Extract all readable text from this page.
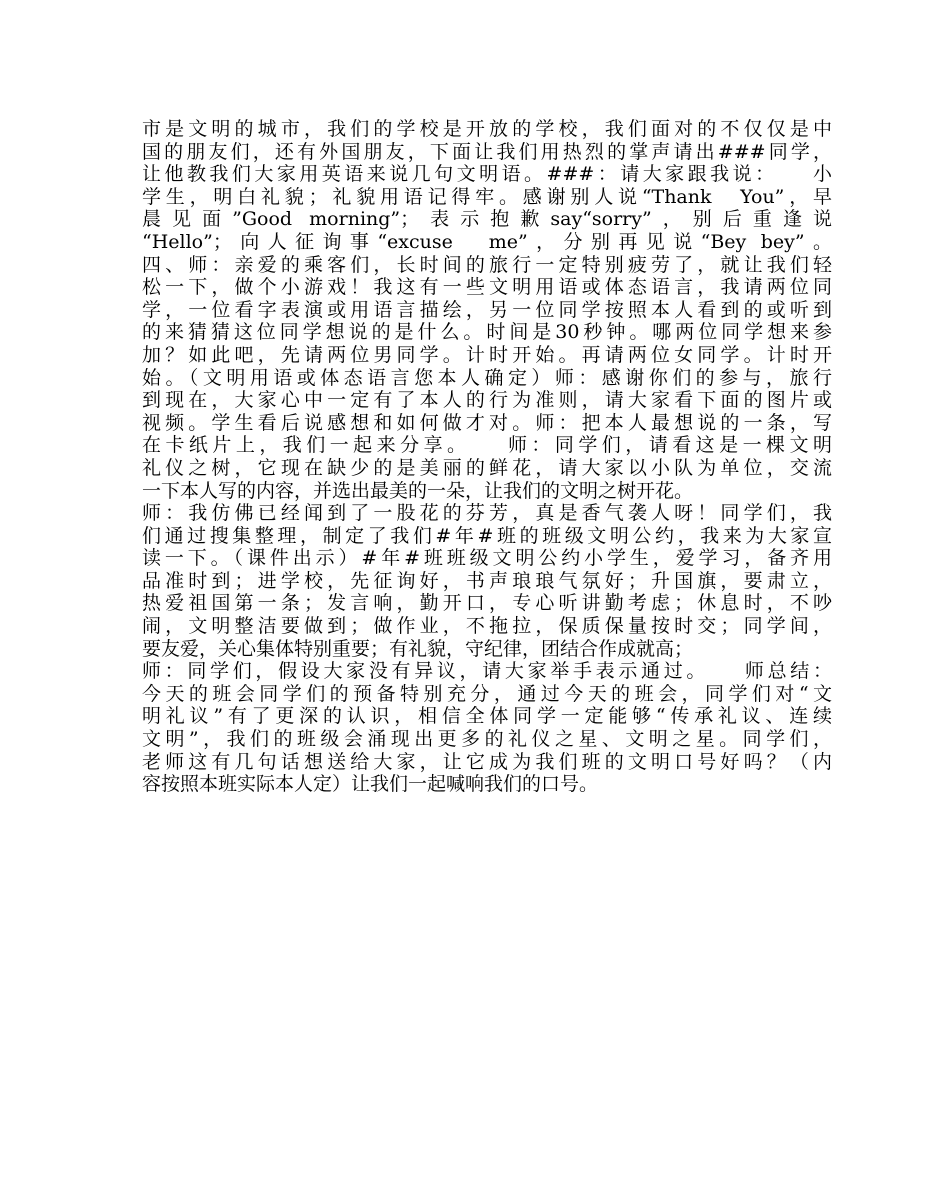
市是文明的城市，我们的学校是开放的学校，我们面对的不仅仅是中
国的朋友们，还有外国朋友，下面让我们用热烈的掌声请出###同学，
让他教我们大家用英语来说几句文明语。###：请大家跟我说：　　小
学生，明白礼貌；礼貌用语记得牢。感谢别人说“Thank　You”，早
晨见面”Good morning”；表示抱歉say“sorry”，别后重逢说
“Hello”；向人征询事“excuse　me”，分别再见说“Bey bey”。
四、师：亲爱的乘客们，长时间的旅行一定特别疲劳了，就让我们轻
松一下，做个小游戏！我这有一些文明用语或体态语言，我请两位同
学，一位看字表演或用语言描绘，另一位同学按照本人看到的或听到
的来猜猜这位同学想说的是什么。时间是30秒钟。哪两位同学想来参
加？如此吧，先请两位男同学。计时开始。再请两位女同学。计时开
始。（文明用语或体态语言您本人确定）师：感谢你们的参与，旅行
到现在，大家心中一定有了本人的行为准则，请大家看下面的图片或
视频。学生看后说感想和如何做才对。师：把本人最想说的一条，写
在卡纸片上，我们一起来分享。　　师：同学们，请看这是一棵文明
礼仪之树，它现在缺少的是美丽的鲜花，请大家以小队为单位，交流
一下本人写的内容，并选出最美的一朵，让我们的文明之树开花。
师：我仿佛已经闻到了一股花的芬芳，真是香气袭人呀！同学们，我
们通过搜集整理，制定了我们#年#班的班级文明公约，我来为大家宣
读一下。（课件出示）#年#班班级文明公约小学生，爱学习，备齐用
品准时到；进学校，先征询好，书声琅琅气氛好；升国旗，要肃立，
热爱祖国第一条；发言响，勤开口，专心听讲勤考虑；休息时，不吵
闹，文明整洁要做到；做作业，不拖拉，保质保量按时交；同学间，
要友爱，关心集体特别重要；有礼貌，守纪律，团结合作成就高；
师：同学们，假设大家没有异议，请大家举手表示通过。　　师总结：
今天的班会同学们的预备特别充分，通过今天的班会，同学们对“文
明礼议”有了更深的认识，相信全体同学一定能够“传承礼议、连续
文明”，我们的班级会涌现出更多的礼仪之星、文明之星。同学们，
老师这有几句话想送给大家，让它成为我们班的文明口号好吗？（内
容按照本班实际本人定）让我们一起喊响我们的口号。
